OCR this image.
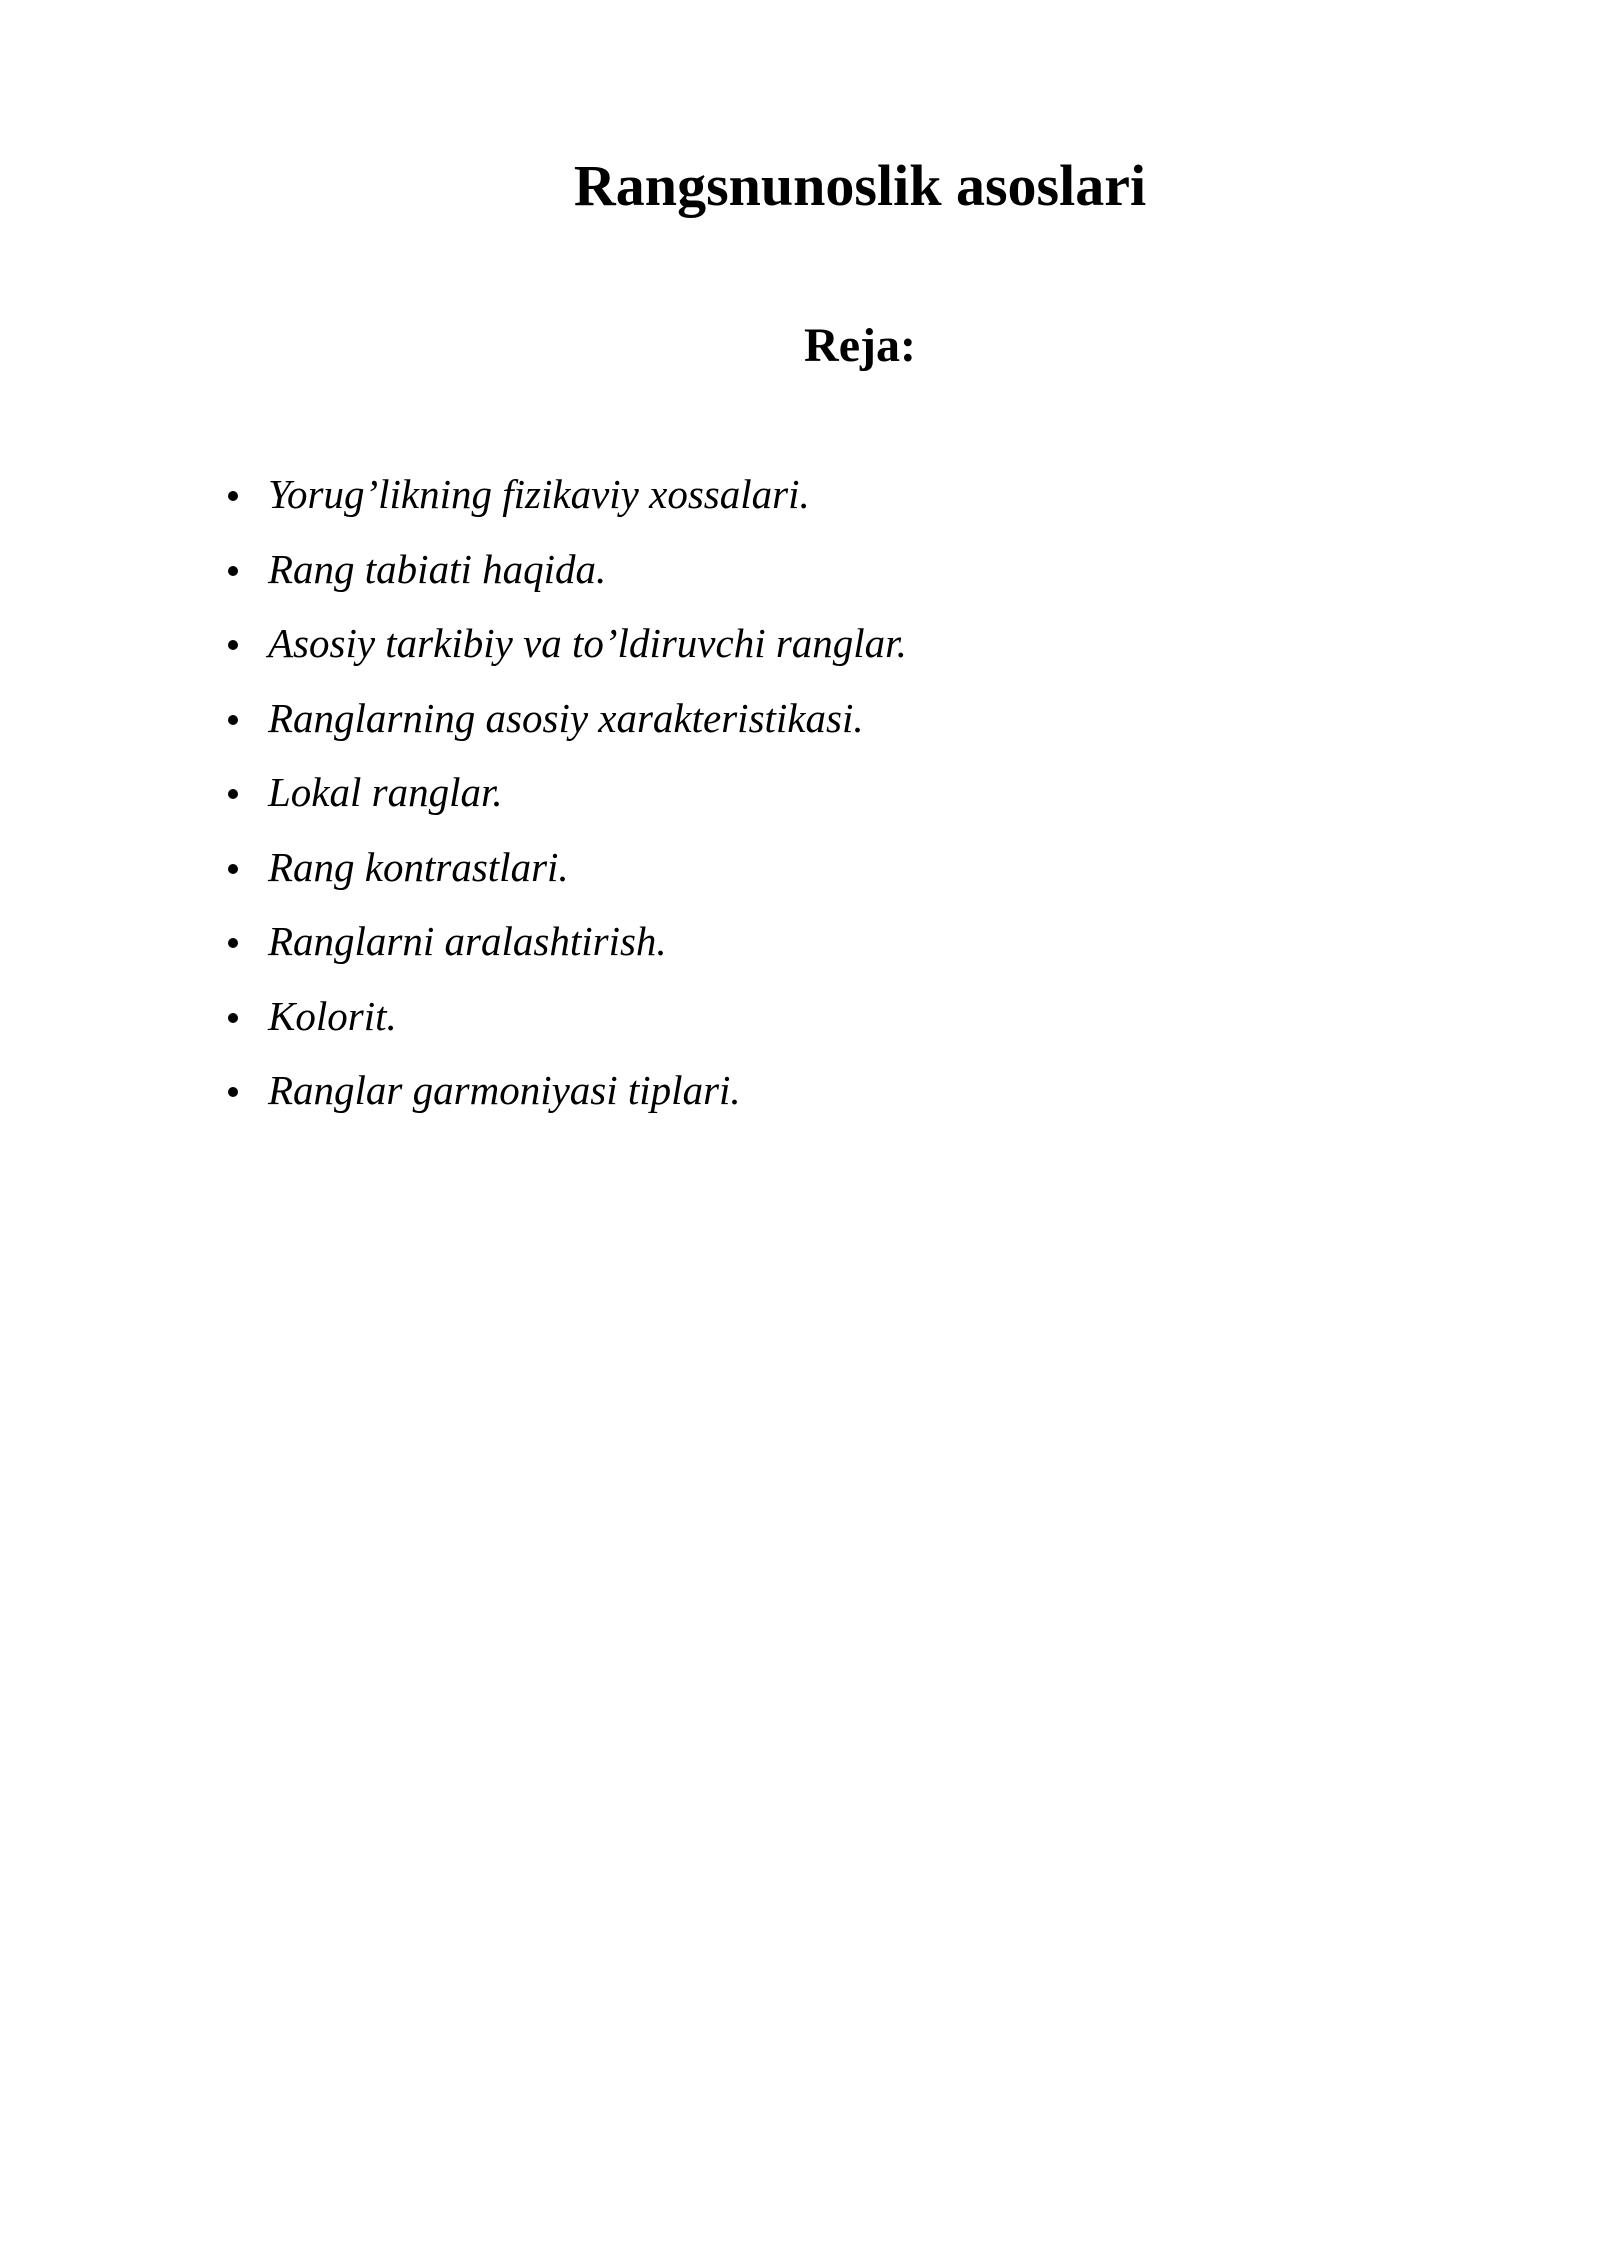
Rangsnunoslik asoslari
Reja:
Yorug’likning fizikaviy xossalari.
Rang tabiati haqida.
Asosiy tarkibiy va to’ldiruvchi ranglar.
Ranglarning asosiy xarakteristikasi.
Lokal ranglar.
Rang kontrastlari.
Ranglarni aralashtirish.
Kolorit.
Ranglar garmoniyasi tiplari.
